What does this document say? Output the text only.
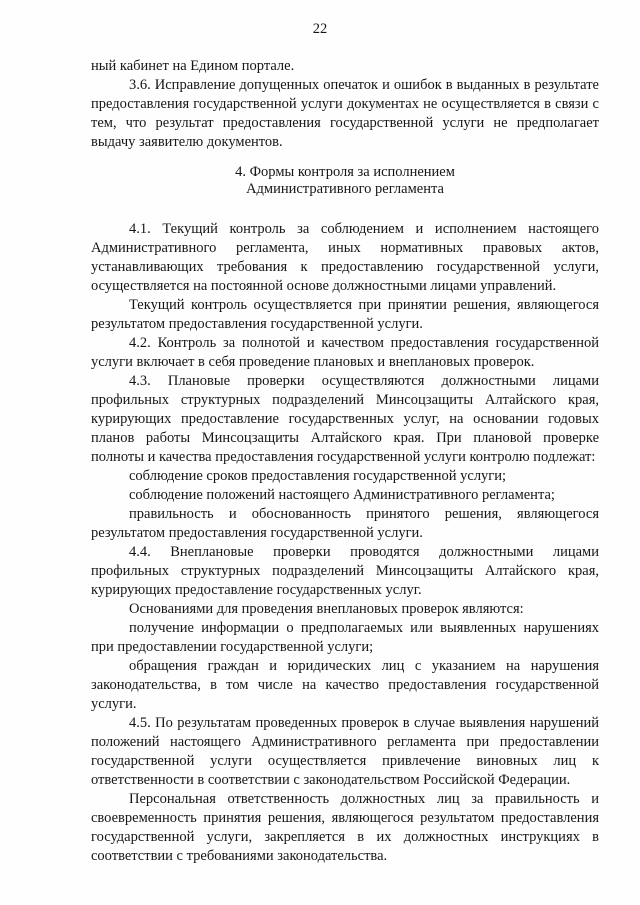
22

ный кабинет на Едином портале.

3.6. Исправление допущенных опечаток и ошибок в выданных в результате предоставления государственной услуги документах не осуществляется в связи с тем, что результат предоставления государственной услуги не предполагает выдачу заявителю документов.

4. Формы контроля за исполнением
Административного регламента

4.1. Текущий контроль за соблюдением и исполнением настоящего Административного регламента, иных нормативных правовых актов, устанавливающих требования к предоставлению государственной услуги, осуществляется на постоянной основе должностными лицами управлений.

Текущий контроль осуществляется при принятии решения, являющегося результатом предоставления государственной услуги.

4.2. Контроль за полнотой и качеством предоставления государственной услуги включает в себя проведение плановых и внеплановых проверок.

4.3. Плановые проверки осуществляются должностными лицами профильных структурных подразделений Минсоцзащиты Алтайского края, курирующих предоставление государственных услуг, на основании годовых планов работы Минсоцзащиты Алтайского края. При плановой проверке полноты и качества предоставления государственной услуги контролю подлежат:

соблюдение сроков предоставления государственной услуги;

соблюдение положений настоящего Административного регламента;

правильность и обоснованность принятого решения, являющегося результатом предоставления государственной услуги.

4.4. Внеплановые проверки проводятся должностными лицами профильных структурных подразделений Минсоцзащиты Алтайского края, курирующих предоставление государственных услуг.

Основаниями для проведения внеплановых проверок являются:

получение информации о предполагаемых или выявленных нарушениях при предоставлении государственной услуги;

обращения граждан и юридических лиц с указанием на нарушения законодательства, в том числе на качество предоставления государственной услуги.

4.5. По результатам проведенных проверок в случае выявления нарушений положений настоящего Административного регламента при предоставлении государственной услуги осуществляется привлечение виновных лиц к ответственности в соответствии с законодательством Российской Федерации.

Персональная ответственность должностных лиц за правильность и своевременность принятия решения, являющегося результатом предоставления государственной услуги, закрепляется в их должностных инструкциях в соответствии с требованиями законодательства.
